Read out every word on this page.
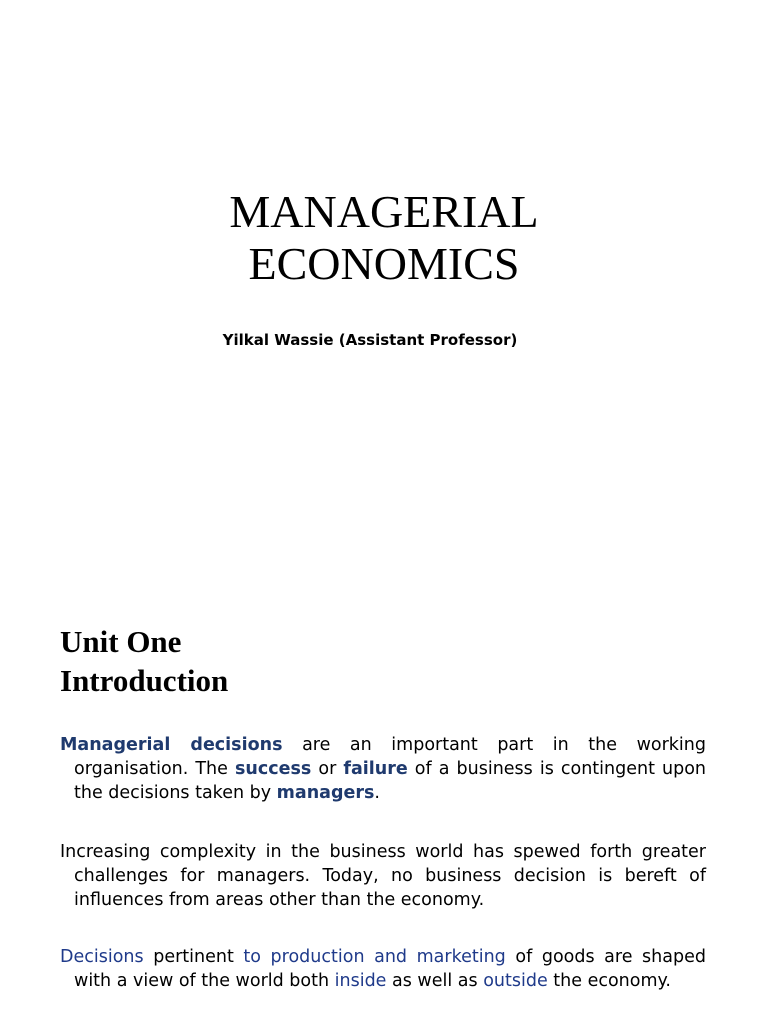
MANAGERIAL
ECONOMICS

Yilkal Wassie (Assistant Professor)

Unit One
Introduction

Managerial decisions are an important part in the working organisation. The success or failure of a business is contingent upon the decisions taken by managers.

Increasing complexity in the business world has spewed forth greater challenges for managers. Today, no business decision is bereft of influences from areas other than the economy.

Decisions pertinent to production and marketing of goods are shaped with a view of the world both inside as well as outside the economy.
